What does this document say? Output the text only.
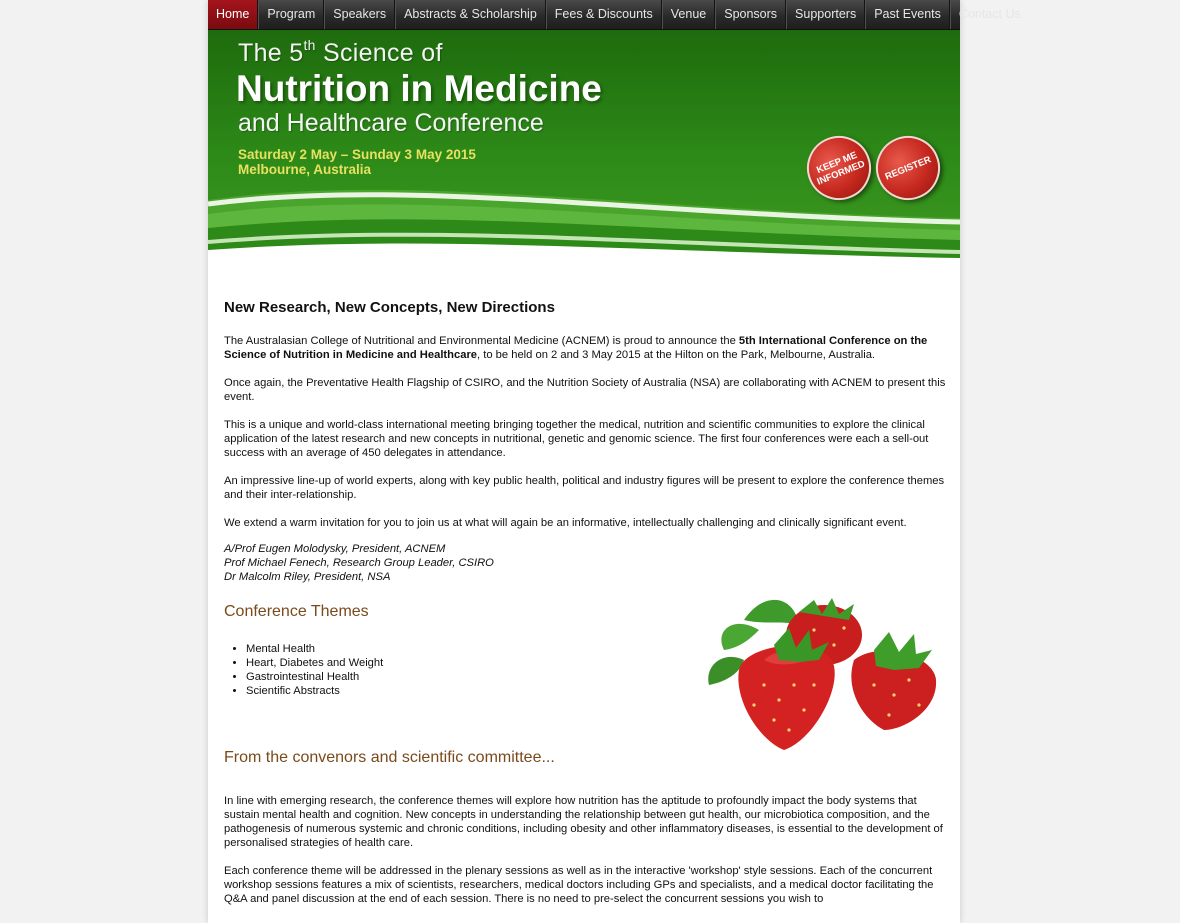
Home	Program	Speakers	Abstracts & Scholarship	Fees & Discounts	Venue	Sponsors	Supporters	Past Events	Contact Us
The 5th Science of
Nutrition in Medicine
and Healthcare Conference
Saturday 2 May – Sunday 3 May 2015
Melbourne, Australia	KEEP ME INFORMED	REGISTER
New Research, New Concepts, New Directions

The Australasian College of Nutritional and Environmental Medicine (ACNEM) is proud to announce the 5th International Conference on the Science of Nutrition in Medicine and Healthcare, to be held on 2 and 3 May 2015 at the Hilton on the Park, Melbourne, Australia.

Once again, the Preventative Health Flagship of CSIRO, and the Nutrition Society of Australia (NSA) are collaborating with ACNEM to present this event.

This is a unique and world-class international meeting bringing together the medical, nutrition and scientific communities to explore the clinical application of the latest research and new concepts in nutritional, genetic and genomic science. The first four conferences were each a sell-out success with an average of 450 delegates in attendance.

An impressive line-up of world experts, along with key public health, political and industry figures will be present to explore the conference themes and their inter-relationship.

We extend a warm invitation for you to join us at what will again be an informative, intellectually challenging and clinically significant event.

A/Prof Eugen Molodysky, President, ACNEM
Prof Michael Fenech, Research Group Leader, CSIRO
Dr Malcolm Riley, President, NSA
Conference Themes
• Mental Health
• Heart, Diabetes and Weight
• Gastrointestinal Health
• Scientific Abstracts
From the convenors and scientific committee...

In line with emerging research, the conference themes will explore how nutrition has the aptitude to profoundly impact the body systems that sustain mental health and cognition. New concepts in understanding the relationship between gut health, our microbiotica composition, and the pathogenesis of numerous systemic and chronic conditions, including obesity and other inflammatory diseases, is essential to the development of personalised strategies of health care.

Each conference theme will be addressed in the plenary sessions as well as in the interactive 'workshop' style sessions. Each of the concurrent workshop sessions features a mix of scientists, researchers, medical doctors including GPs and specialists, and a medical doctor facilitating the Q&A and panel discussion at the end of each session. There is no need to pre-select the concurrent sessions you wish to
